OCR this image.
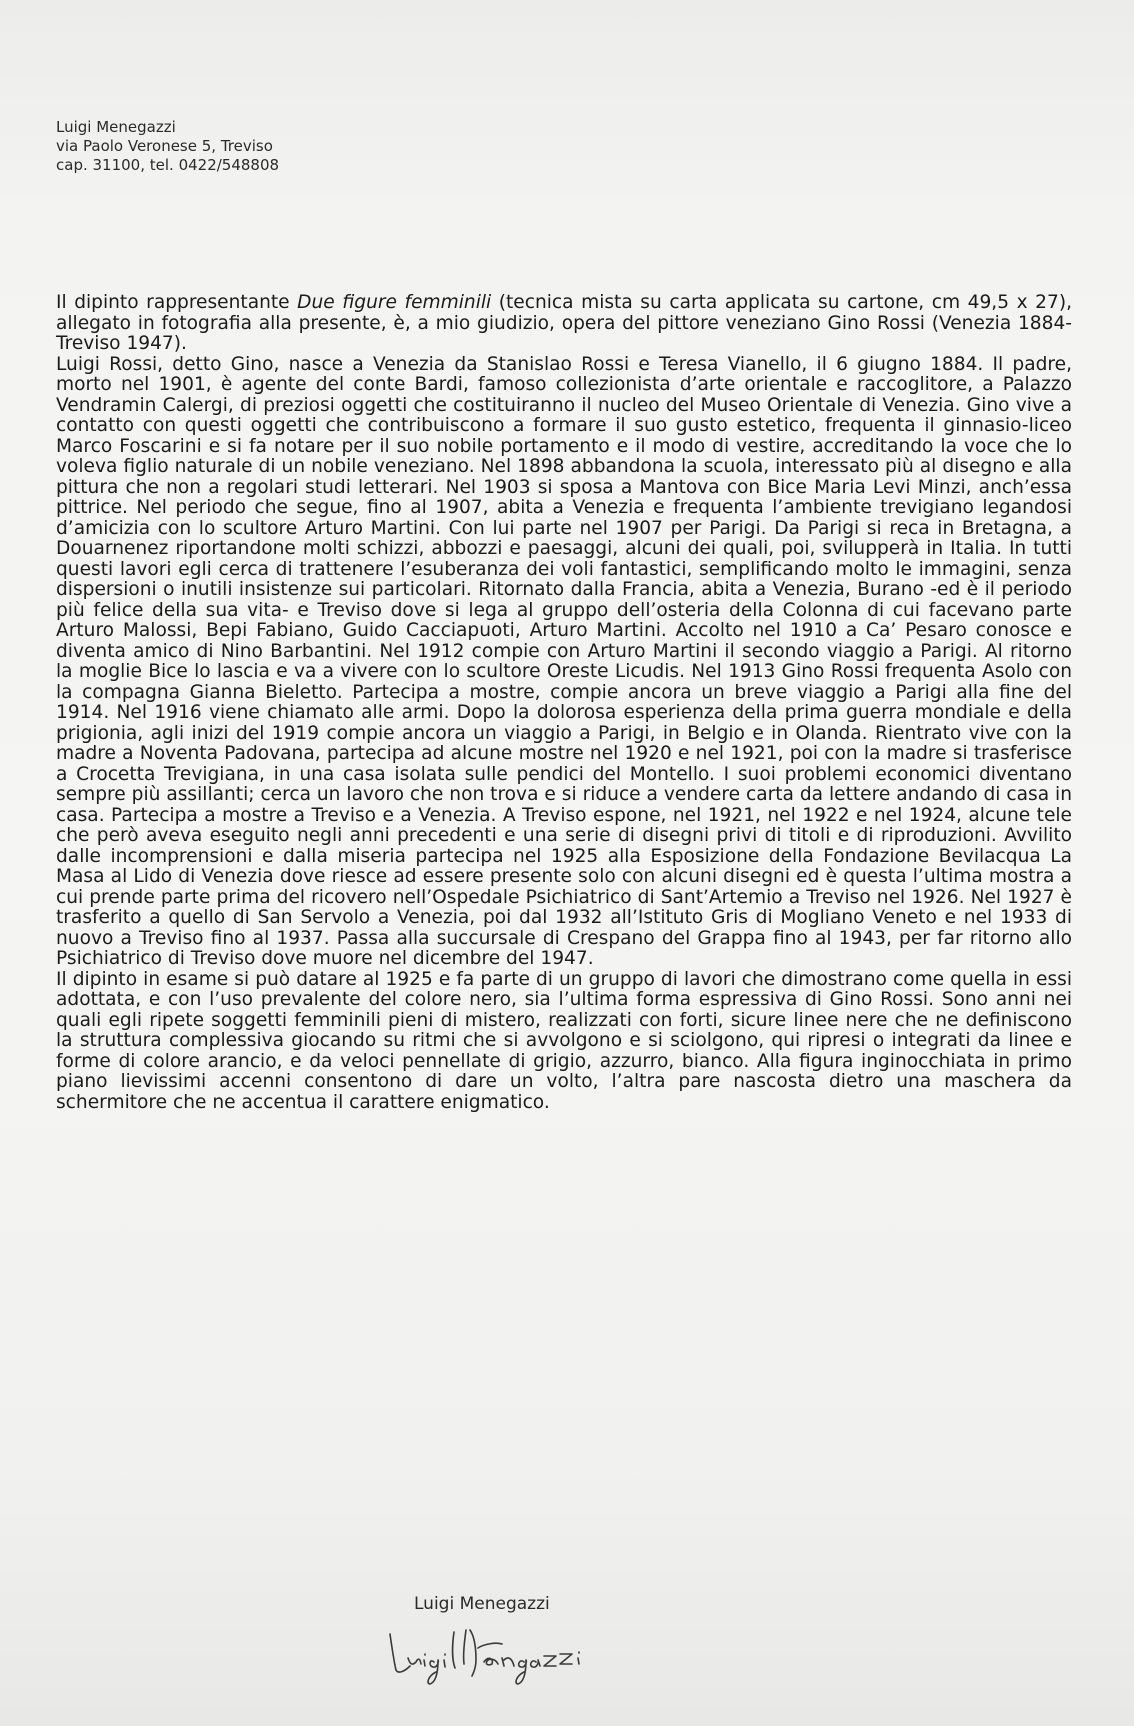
Luigi Menegazzi
via Paolo Veronese 5, Treviso
cap. 31100, tel. 0422/548808

Il dipinto rappresentante Due figure femminili (tecnica mista su carta applicata su cartone, cm 49,5 x 27), allegato in fotografia alla presente, è, a mio giudizio, opera del pittore veneziano Gino Rossi (Venezia 1884-Treviso 1947).

Luigi Rossi, detto Gino, nasce a Venezia da Stanislao Rossi e Teresa Vianello, il 6 giugno 1884. Il padre, morto nel 1901, è agente del conte Bardi, famoso collezionista d’arte orientale e raccoglitore, a Palazzo Vendramin Calergi, di preziosi oggetti che costituiranno il nucleo del Museo Orientale di Venezia. Gino vive a contatto con questi oggetti che contribuiscono a formare il suo gusto estetico, frequenta il ginnasio-liceo Marco Foscarini e si fa notare per il suo nobile portamento e il modo di vestire, accreditando la voce che lo voleva figlio naturale di un nobile veneziano. Nel 1898 abbandona la scuola, interessato più al disegno e alla pittura che non a regolari studi letterari. Nel 1903 si sposa a Mantova con Bice Maria Levi Minzi, anch’essa pittrice. Nel periodo che segue, fino al 1907, abita a Venezia e frequenta l’ambiente trevigiano legandosi d’amicizia con lo scultore Arturo Martini. Con lui parte nel 1907 per Parigi. Da Parigi si reca in Bretagna, a Douarnenez riportandone molti schizzi, abbozzi e paesaggi, alcuni dei quali, poi, svilupperà in Italia. In tutti questi lavori egli cerca di trattenere l’esuberanza dei voli fantastici, semplificando molto le immagini, senza dispersioni o inutili insistenze sui particolari. Ritornato dalla Francia, abita a Venezia, Burano -ed è il periodo più felice della sua vita- e Treviso dove si lega al gruppo dell’osteria della Colonna di cui facevano parte Arturo Malossi, Bepi Fabiano, Guido Cacciapuoti, Arturo Martini. Accolto nel 1910 a Ca’ Pesaro conosce e diventa amico di Nino Barbantini. Nel 1912 compie con Arturo Martini il secondo viaggio a Parigi. Al ritorno la moglie Bice lo lascia e va a vivere con lo scultore Oreste Licudis. Nel 1913 Gino Rossi frequenta Asolo con la compagna Gianna Bieletto. Partecipa a mostre, compie ancora un breve viaggio a Parigi alla fine del 1914. Nel 1916 viene chiamato alle armi. Dopo la dolorosa esperienza della prima guerra mondiale e della prigionia, agli inizi del 1919 compie ancora un viaggio a Parigi, in Belgio e in Olanda. Rientrato vive con la madre a Noventa Padovana, partecipa ad alcune mostre nel 1920 e nel 1921, poi con la madre si trasferisce a Crocetta Trevigiana, in una casa isolata sulle pendici del Montello. I suoi problemi economici diventano sempre più assillanti; cerca un lavoro che non trova e si riduce a vendere carta da lettere andando di casa in casa. Partecipa a mostre a Treviso e a Venezia. A Treviso espone, nel 1921, nel 1922 e nel 1924, alcune tele che però aveva eseguito negli anni precedenti e una serie di disegni privi di titoli e di riproduzioni. Avvilito dalle incomprensioni e dalla miseria partecipa nel 1925 alla Esposizione della Fondazione Bevilacqua La Masa al Lido di Venezia dove riesce ad essere presente solo con alcuni disegni ed è questa l’ultima mostra a cui prende parte prima del ricovero nell’Ospedale Psichiatrico di Sant’Artemio a Treviso nel 1926. Nel 1927 è trasferito a quello di San Servolo a Venezia, poi dal 1932 all’Istituto Gris di Mogliano Veneto e nel 1933 di nuovo a Treviso fino al 1937. Passa alla succursale di Crespano del Grappa fino al 1943, per far ritorno allo Psichiatrico di Treviso dove muore nel dicembre del 1947.

Il dipinto in esame si può datare al 1925 e fa parte di un gruppo di lavori che dimostrano come quella in essi adottata, e con l’uso prevalente del colore nero, sia l’ultima forma espressiva di Gino Rossi. Sono anni nei quali egli ripete soggetti femminili pieni di mistero, realizzati con forti, sicure linee nere che ne definiscono la struttura complessiva giocando su ritmi che si avvolgono e si sciolgono, qui ripresi o integrati da linee e forme di colore arancio, e da veloci pennellate di grigio, azzurro, bianco. Alla figura inginocchiata in primo piano lievissimi accenni consentono di dare un volto, l’altra pare nascosta dietro una maschera da schermitore che ne accentua il carattere enigmatico.

Luigi Menegazzi
